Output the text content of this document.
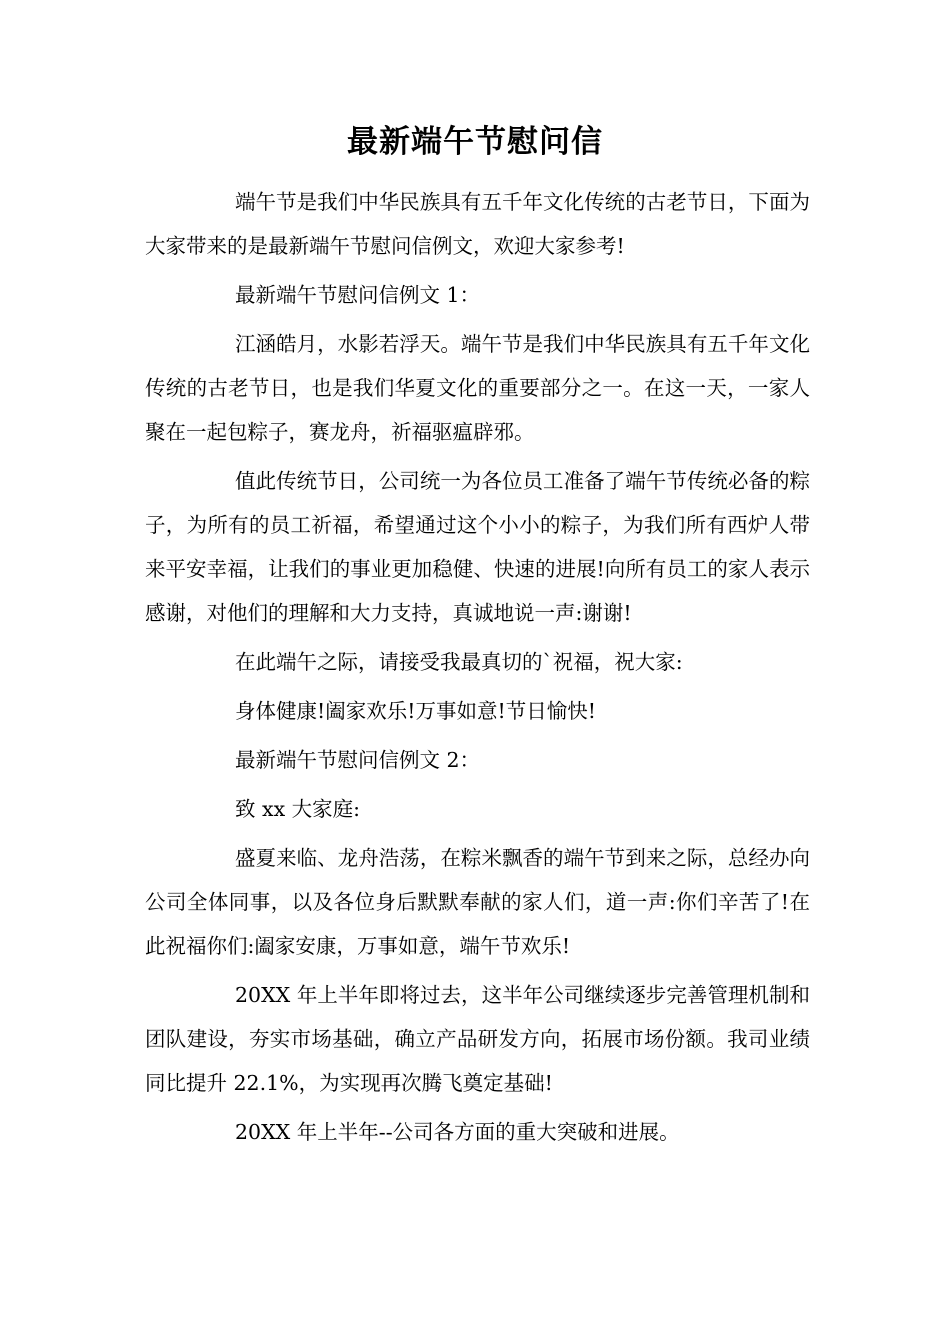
最新端午节慰问信

端午节是我们中华民族具有五千年文化传统的古老节日，下面为大家带来的是最新端午节慰问信例文，欢迎大家参考!

最新端午节慰问信例文 1：

江涵皓月，水影若浮天。端午节是我们中华民族具有五千年文化传统的古老节日，也是我们华夏文化的重要部分之一。在这一天，一家人聚在一起包粽子，赛龙舟，祈福驱瘟辟邪。

值此传统节日，公司统一为各位员工准备了端午节传统必备的粽子，为所有的员工祈福，希望通过这个小小的粽子，为我们所有西炉人带来平安幸福，让我们的事业更加稳健、快速的进展!向所有员工的家人表示感谢，对他们的理解和大力支持，真诚地说一声:谢谢!

在此端午之际，请接受我最真切的`祝福，祝大家:

身体健康!阖家欢乐!万事如意!节日愉快!

最新端午节慰问信例文 2：

致 xx 大家庭:

盛夏来临、龙舟浩荡，在粽米飘香的端午节到来之际，总经办向公司全体同事，以及各位身后默默奉献的家人们，道一声:你们辛苦了!在此祝福你们:阖家安康，万事如意，端午节欢乐!

20XX 年上半年即将过去，这半年公司继续逐步完善管理机制和团队建设，夯实市场基础，确立产品研发方向，拓展市场份额。我司业绩同比提升 22.1%，为实现再次腾飞奠定基础!

20XX 年上半年--公司各方面的重大突破和进展。
